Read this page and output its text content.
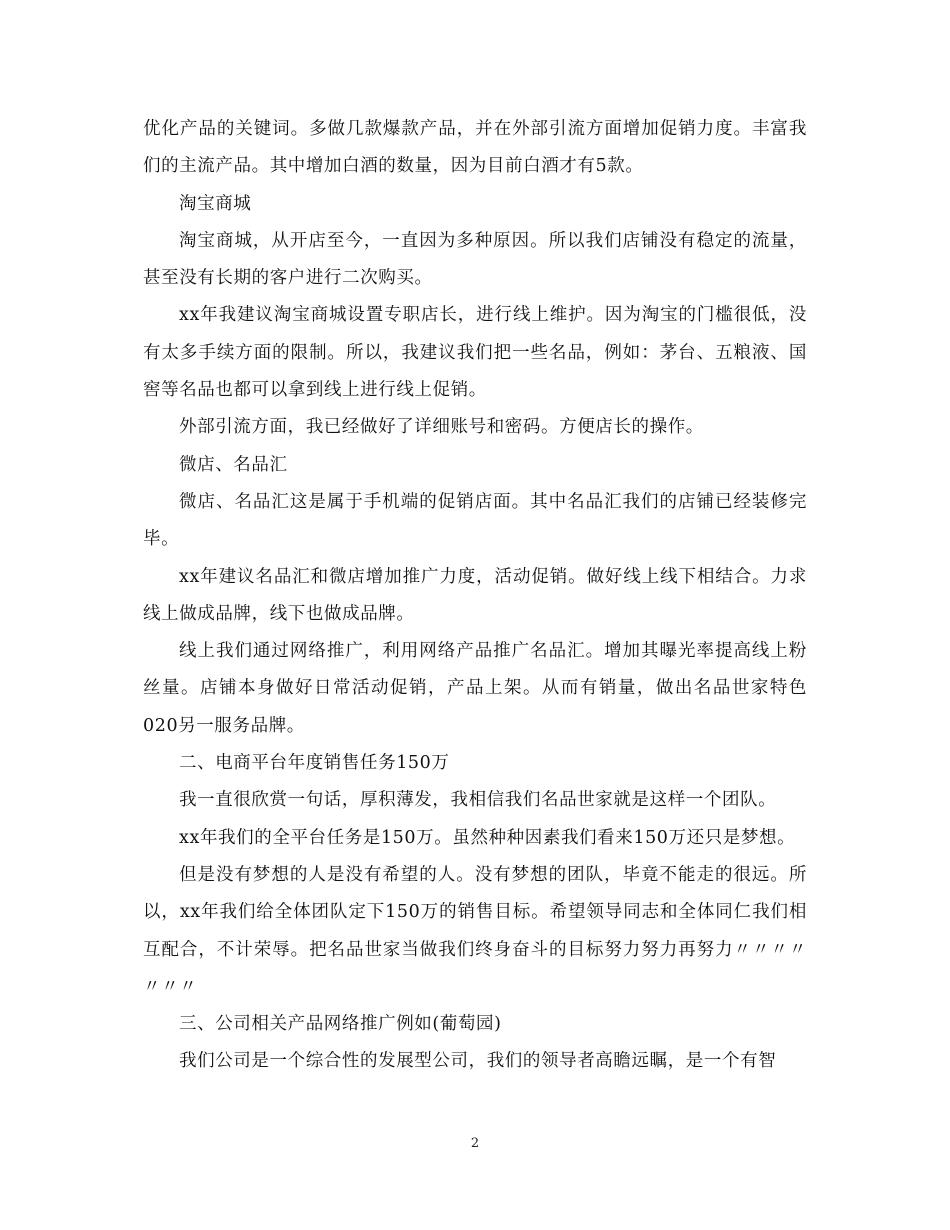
优化产品的关键词。多做几款爆款产品，并在外部引流方面增加促销力度。丰富我们的主流产品。其中增加白酒的数量，因为目前白酒才有5款。

淘宝商城

淘宝商城，从开店至今，一直因为多种原因。所以我们店铺没有稳定的流量，甚至没有长期的客户进行二次购买。

xx年我建议淘宝商城设置专职店长，进行线上维护。因为淘宝的门槛很低，没有太多手续方面的限制。所以，我建议我们把一些名品，例如：茅台、五粮液、国窖等名品也都可以拿到线上进行线上促销。

外部引流方面，我已经做好了详细账号和密码。方便店长的操作。

微店、名品汇

微店、名品汇这是属于手机端的促销店面。其中名品汇我们的店铺已经装修完毕。

xx年建议名品汇和微店增加推广力度，活动促销。做好线上线下相结合。力求线上做成品牌，线下也做成品牌。

线上我们通过网络推广，利用网络产品推广名品汇。增加其曝光率提高线上粉丝量。店铺本身做好日常活动促销，产品上架。从而有销量，做出名品世家特色020另一服务品牌。

二、电商平台年度销售任务150万

我一直很欣赏一句话，厚积薄发，我相信我们名品世家就是这样一个团队。

xx年我们的全平台任务是150万。虽然种种因素我们看来150万还只是梦想。

但是没有梦想的人是没有希望的人。没有梦想的团队，毕竟不能走的很远。所以，xx年我们给全体团队定下150万的销售目标。希望领导同志和全体同仁我们相互配合，不计荣辱。把名品世家当做我们终身奋斗的目标努力努力再努力〃〃〃〃〃〃〃

三、公司相关产品网络推广例如(葡萄园)

我们公司是一个综合性的发展型公司，我们的领导者高瞻远瞩，是一个有智

2
